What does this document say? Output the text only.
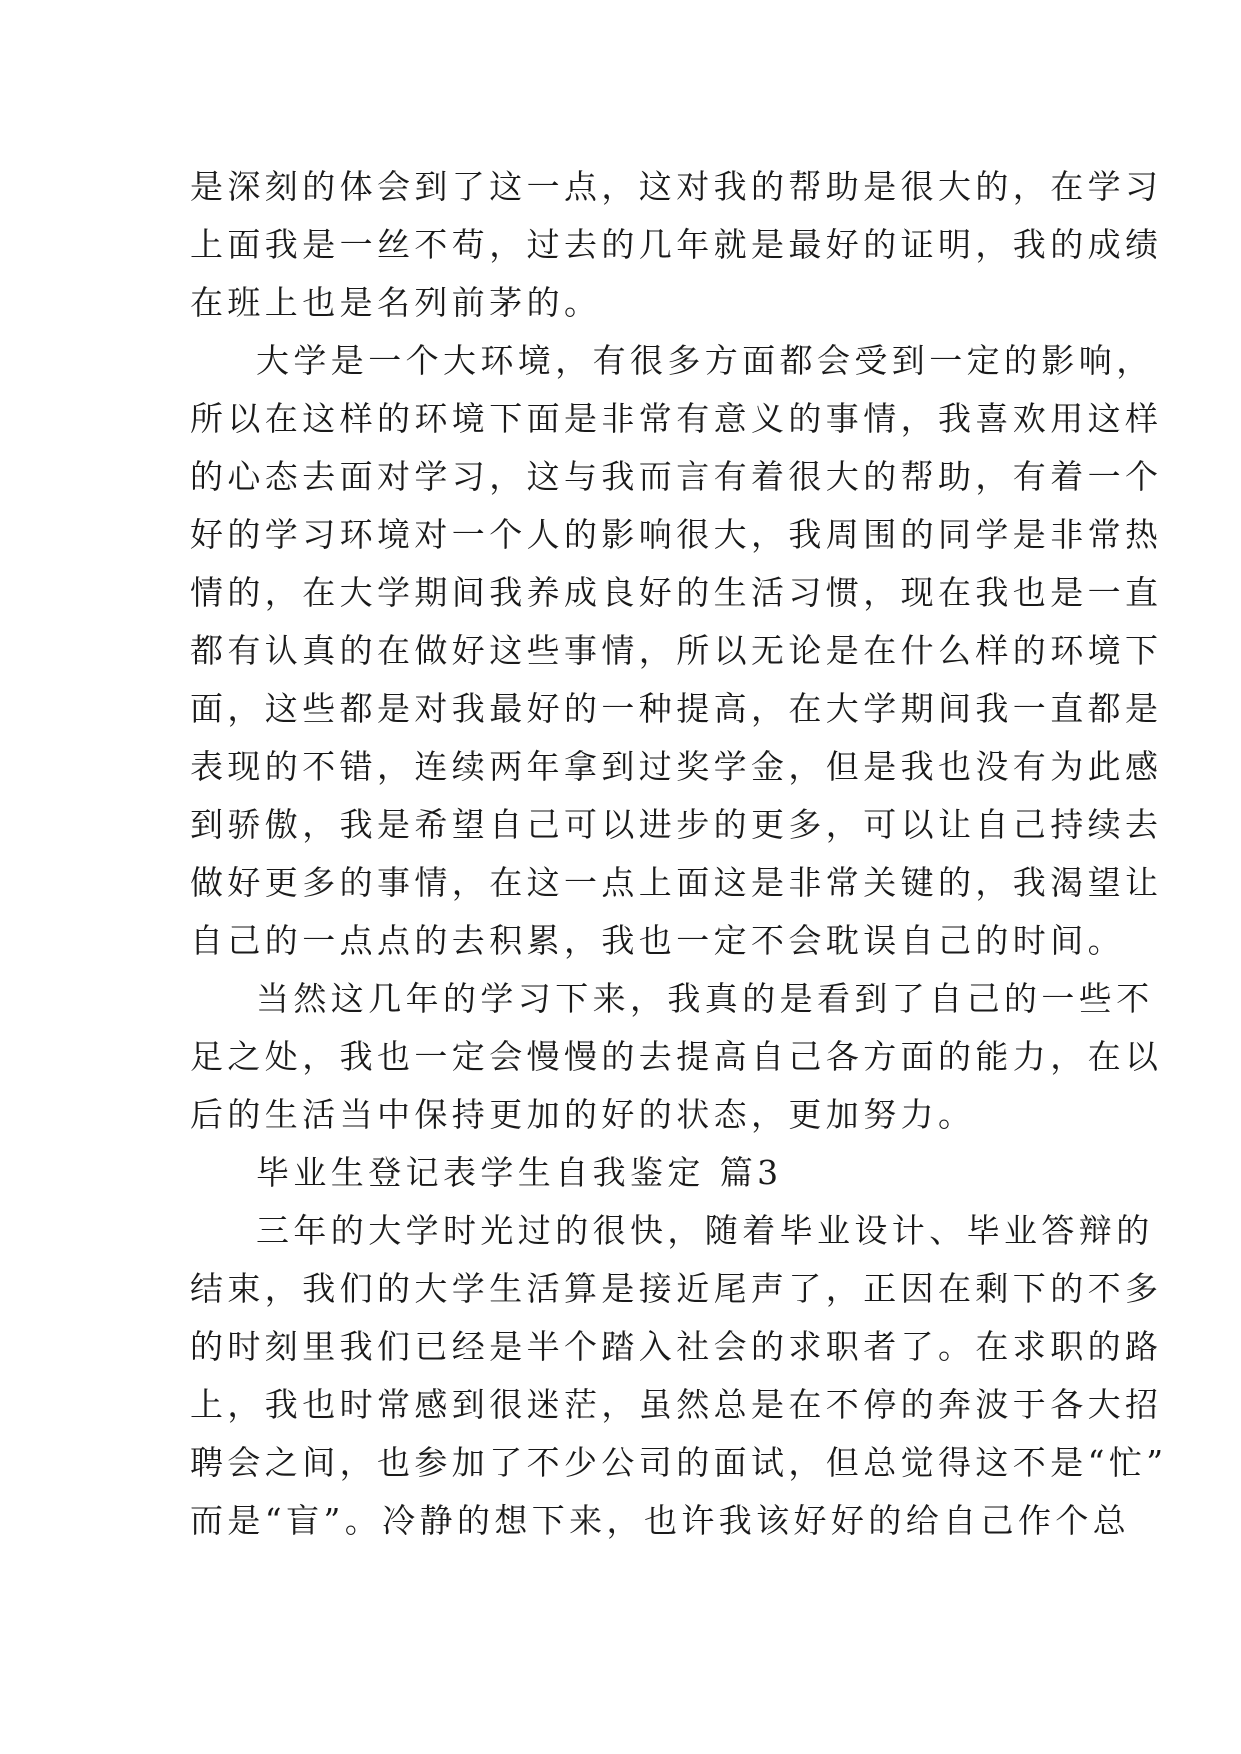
是深刻的体会到了这一点，这对我的帮助是很大的，在学习
上面我是一丝不苟，过去的几年就是最好的证明，我的成绩
在班上也是名列前茅的。
大学是一个大环境，有很多方面都会受到一定的影响，
所以在这样的环境下面是非常有意义的事情，我喜欢用这样
的心态去面对学习，这与我而言有着很大的帮助，有着一个
好的学习环境对一个人的影响很大，我周围的同学是非常热
情的，在大学期间我养成良好的生活习惯，现在我也是一直
都有认真的在做好这些事情，所以无论是在什么样的环境下
面，这些都是对我最好的一种提高，在大学期间我一直都是
表现的不错，连续两年拿到过奖学金，但是我也没有为此感
到骄傲，我是希望自己可以进步的更多，可以让自己持续去
做好更多的事情，在这一点上面这是非常关键的，我渴望让
自己的一点点的去积累，我也一定不会耽误自己的时间。
当然这几年的学习下来，我真的是看到了自己的一些不
足之处，我也一定会慢慢的去提高自己各方面的能力，在以
后的生活当中保持更加的好的状态，更加努力。
毕业生登记表学生自我鉴定 篇3
三年的大学时光过的很快，随着毕业设计、毕业答辩的
结束，我们的大学生活算是接近尾声了，正因在剩下的不多
的时刻里我们已经是半个踏入社会的求职者了。在求职的路
上，我也时常感到很迷茫，虽然总是在不停的奔波于各大招
聘会之间，也参加了不少公司的面试，但总觉得这不是“忙”
而是“盲”。冷静的想下来，也许我该好好的给自己作个总
